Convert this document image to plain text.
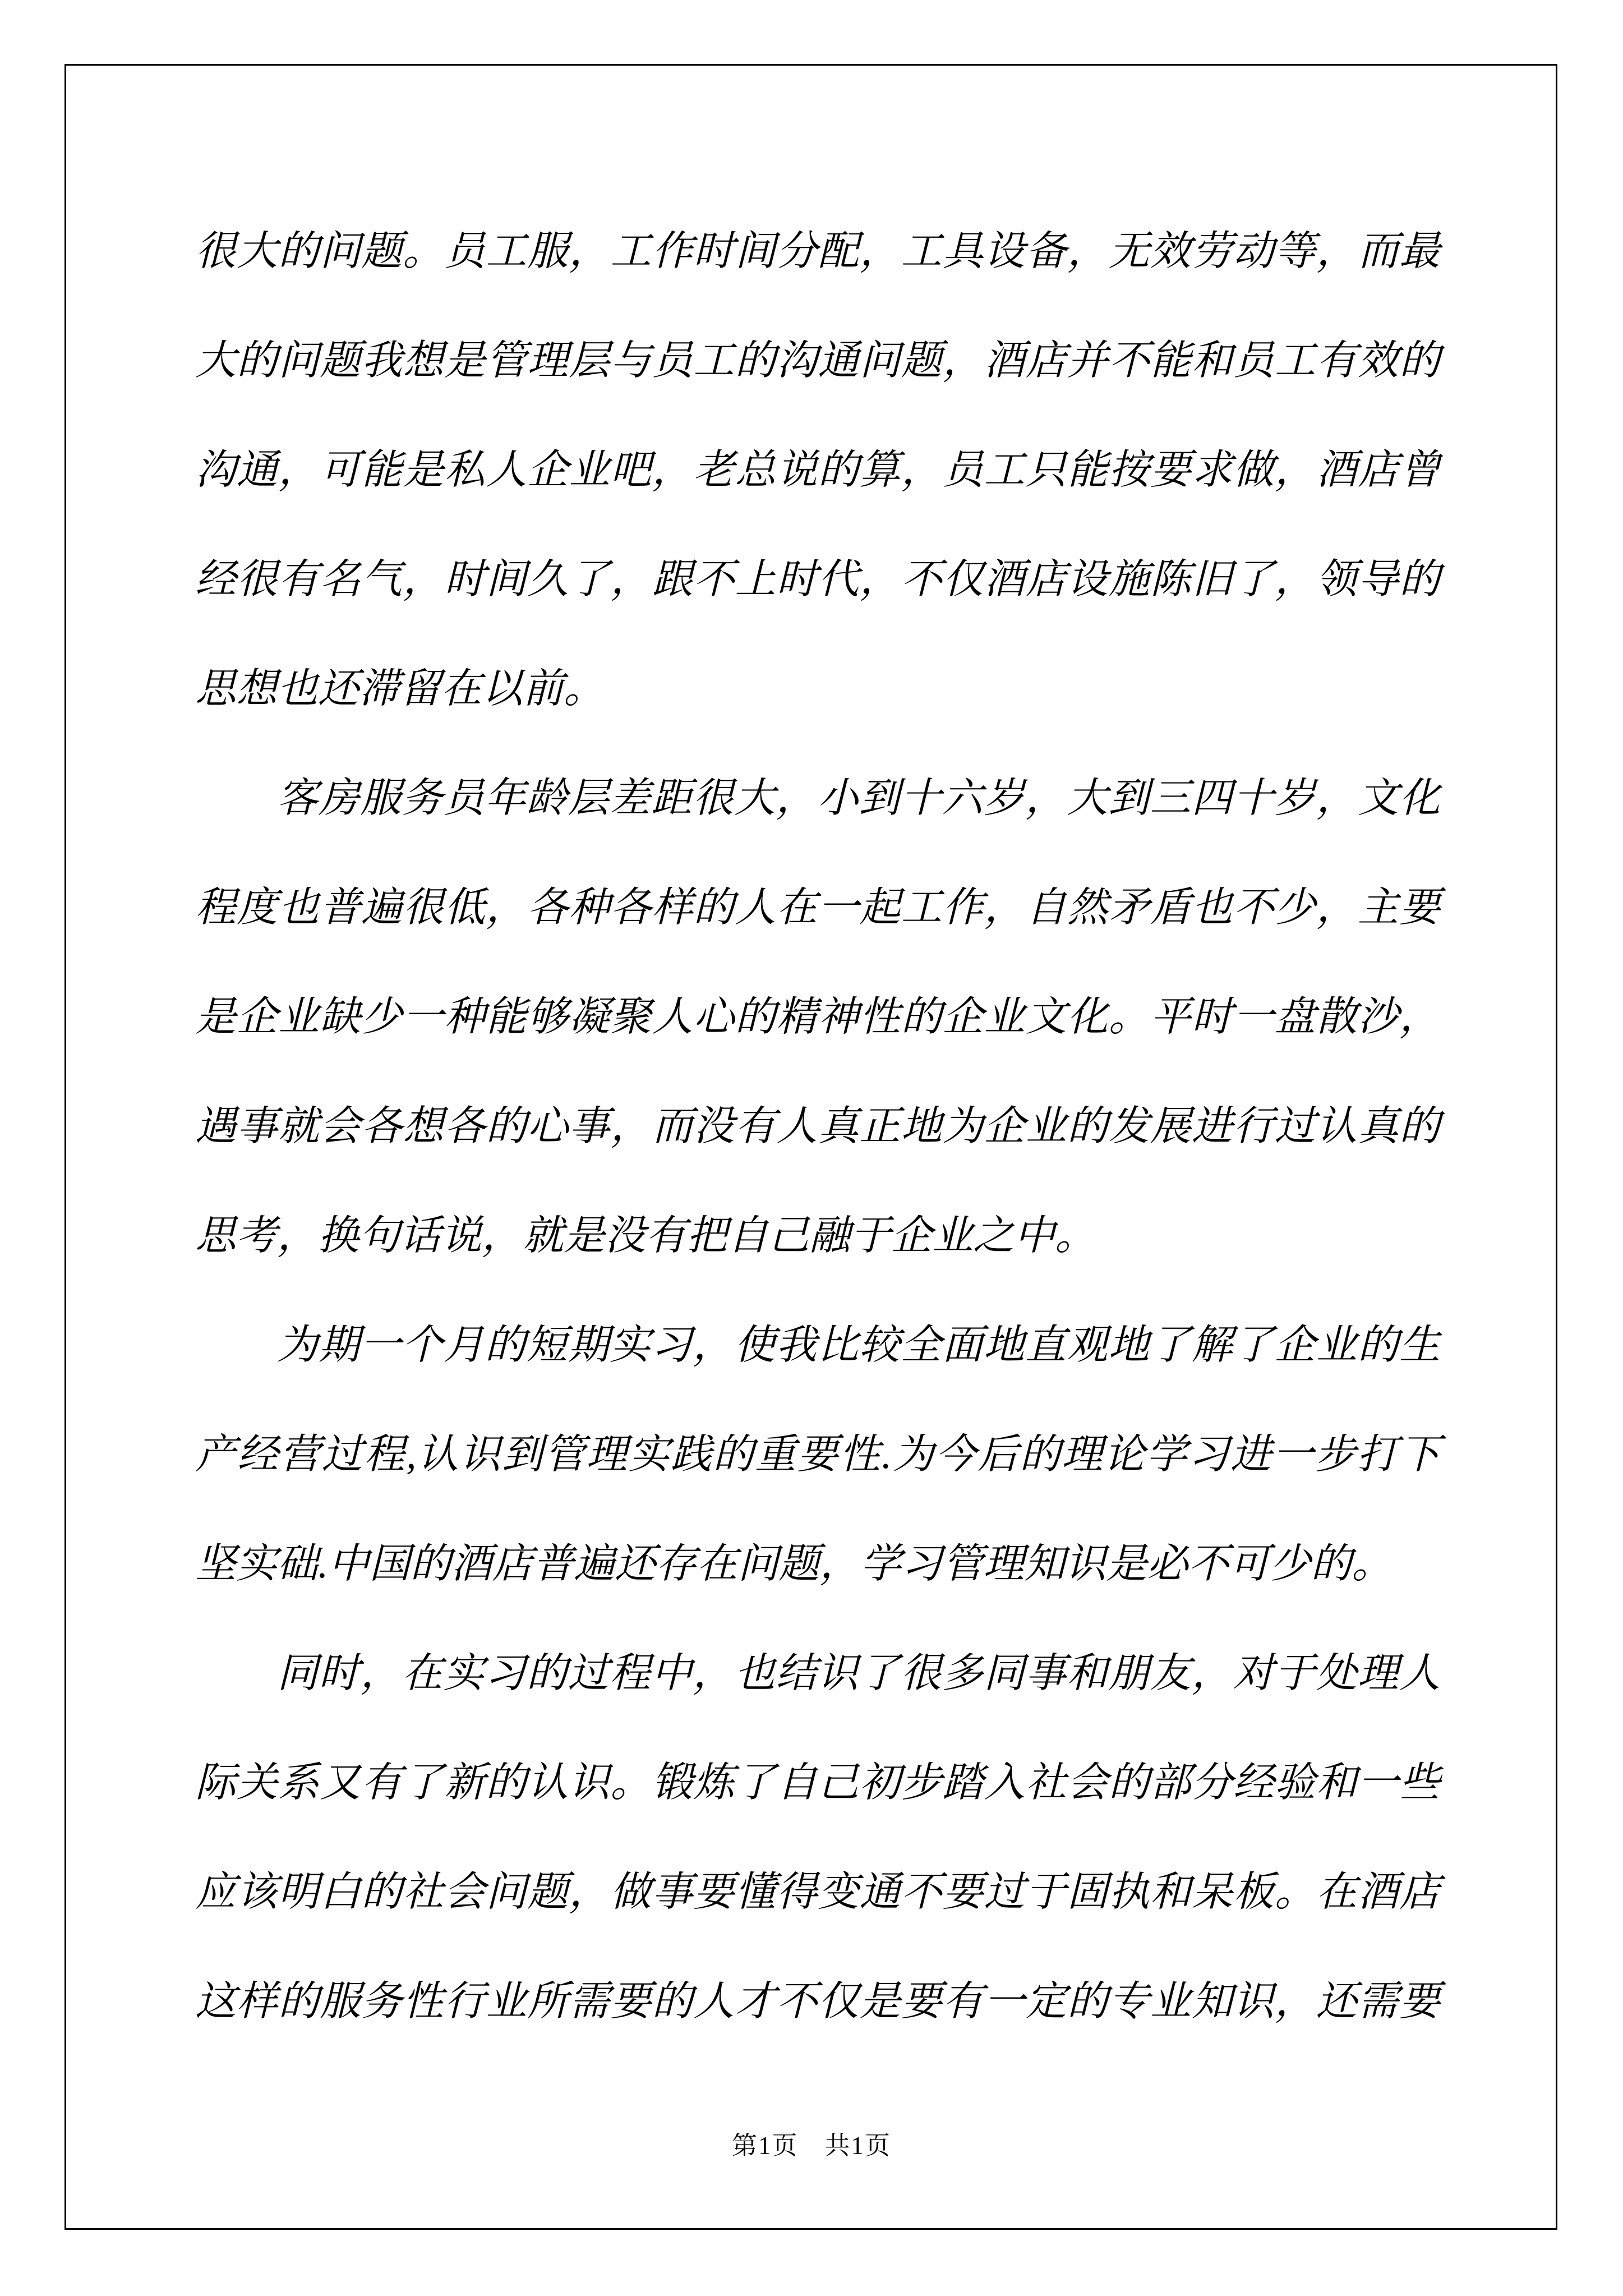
很大的问题。员工服，工作时间分配，工具设备，无效劳动等，而最
大的问题我想是管理层与员工的沟通问题，酒店并不能和员工有效的
沟通，可能是私人企业吧，老总说的算，员工只能按要求做，酒店曾
经很有名气，时间久了，跟不上时代，不仅酒店设施陈旧了，领导的
思想也还滞留在以前。
客房服务员年龄层差距很大，小到十六岁，大到三四十岁，文化
程度也普遍很低，各种各样的人在一起工作，自然矛盾也不少，主要
是企业缺少一种能够凝聚人心的精神性的企业文化。平时一盘散沙，
遇事就会各想各的心事，而没有人真正地为企业的发展进行过认真的
思考，换句话说，就是没有把自己融于企业之中。
为期一个月的短期实习，使我比较全面地直观地了解了企业的生
产经营过程,认识到管理实践的重要性.为今后的理论学习进一步打下
坚实础.中国的酒店普遍还存在问题，学习管理知识是必不可少的。
同时，在实习的过程中，也结识了很多同事和朋友，对于处理人
际关系又有了新的认识。锻炼了自己初步踏入社会的部分经验和一些
应该明白的社会问题，做事要懂得变通不要过于固执和呆板。在酒店
这样的服务性行业所需要的人才不仅是要有一定的专业知识，还需要
第1页　共1页
